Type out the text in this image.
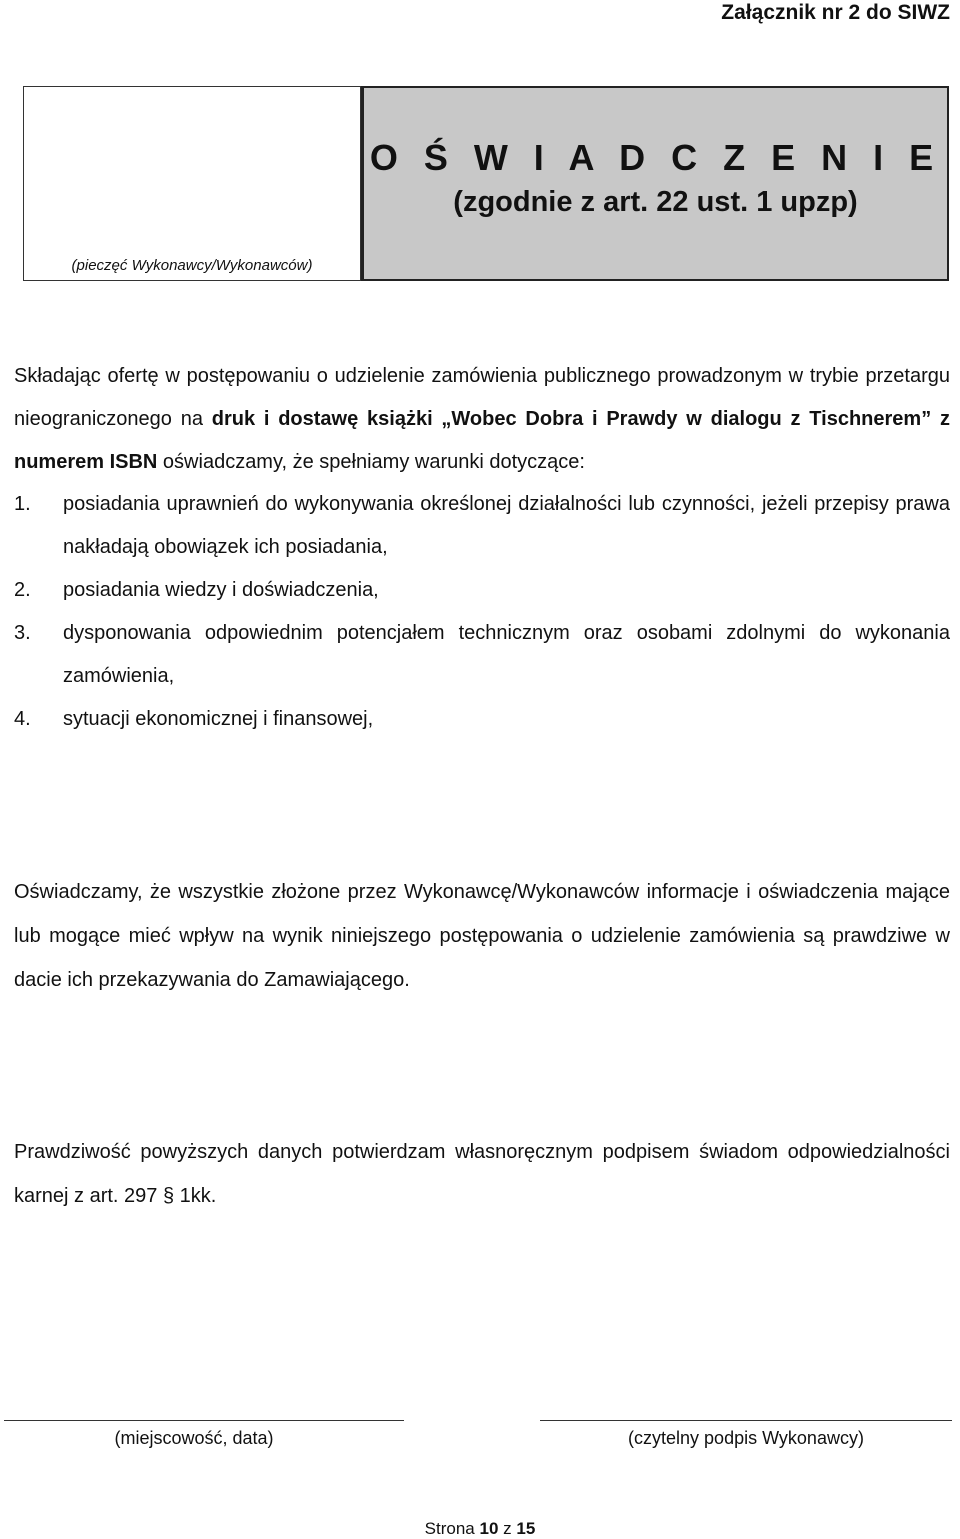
Załącznik nr 2 do SIWZ

(pieczęć Wykonawcy/Wykonawców)
O Ś W I A D C Z E N I E
(zgodnie z art. 22 ust. 1 upzp)

Składając ofertę w postępowaniu o udzielenie zamówienia publicznego prowadzonym w trybie przetargu nieograniczonego na druk i dostawę książki „Wobec Dobra i Prawdy w dialogu z Tischnerem” z numerem ISBN oświadczamy, że spełniamy warunki dotyczące:

1. posiadania uprawnień do wykonywania określonej działalności lub czynności, jeżeli przepisy prawa nakładają obowiązek ich posiadania,
2. posiadania wiedzy i doświadczenia,
3. dysponowania odpowiednim potencjałem technicznym oraz osobami zdolnymi do wykonania zamówienia,
4. sytuacji ekonomicznej i finansowej,

Oświadczamy, że wszystkie złożone przez Wykonawcę/Wykonawców informacje i oświadczenia mające lub mogące mieć wpływ na wynik niniejszego postępowania o udzielenie zamówienia są prawdziwe w dacie ich przekazywania do Zamawiającego.

Prawdziwość powyższych danych potwierdzam własnoręcznym podpisem świadom odpowiedzialności karnej z art. 297 § 1kk.

(miejscowość, data)	(czytelny podpis Wykonawcy)
Strona 10 z 15
